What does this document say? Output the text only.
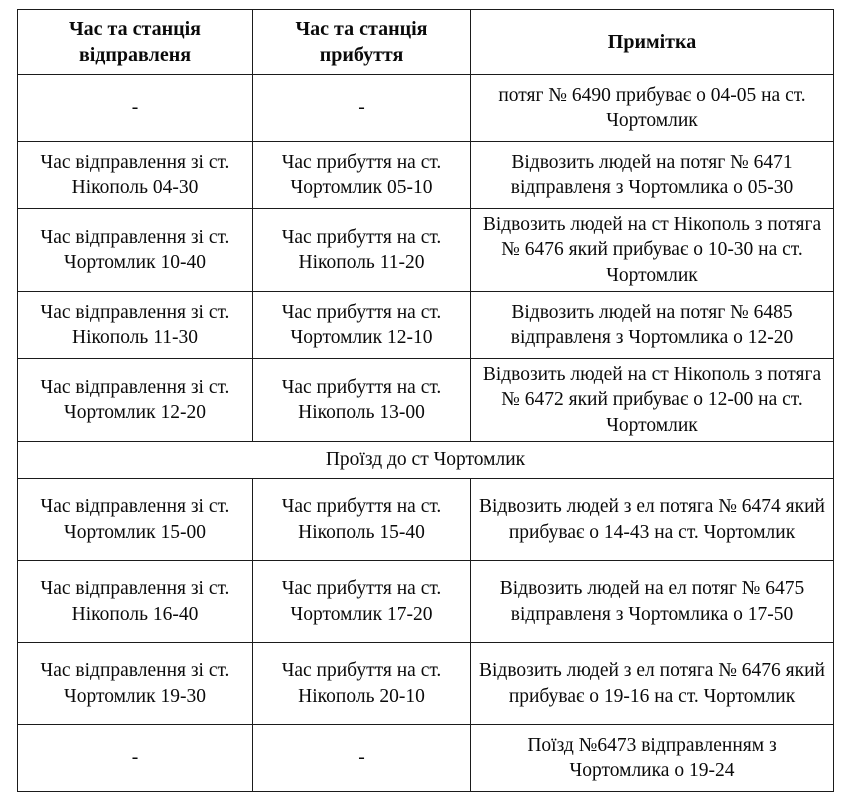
Час та станція відправленя	Час та станція прибуття	Примітка
-	-	потяг № 6490 прибуває о 04-05 на ст. Чортомлик
Час відправлення зі ст. Нікополь 04-30	Час прибуття на ст. Чортомлик 05-10	Відвозить людей на потяг № 6471 відправленя з Чортомлика о 05-30
Час відправлення зі ст. Чортомлик 10-40	Час прибуття на ст. Нікополь 11-20	Відвозить людей на ст Нікополь з потяга № 6476 який прибуває о 10-30 на ст. Чортомлик
Час відправлення зі ст. Нікополь 11-30	Час прибуття на ст. Чортомлик 12-10	Відвозить людей на потяг № 6485 відправленя з Чортомлика о 12-20
Час відправлення зі ст. Чортомлик 12-20	Час прибуття на ст. Нікополь 13-00	Відвозить людей на ст Нікополь з потяга № 6472 який прибуває о 12-00 на ст. Чортомлик
Проїзд до ст Чортомлик		
Час відправлення зі ст. Чортомлик 15-00	Час прибуття на ст. Нікополь 15-40	Відвозить людей з ел потяга № 6474 який прибуває о 14-43 на ст. Чортомлик
Час відправлення зі ст. Нікополь 16-40	Час прибуття на ст. Чортомлик 17-20	Відвозить людей на ел потяг № 6475 відправленя з Чортомлика о 17-50
Час відправлення зі ст. Чортомлик 19-30	Час прибуття на ст. Нікополь 20-10	Відвозить людей з ел потяга № 6476 який прибуває о 19-16 на ст. Чортомлик
-	-	Поїзд №6473 відправленням з Чортомлика о 19-24
